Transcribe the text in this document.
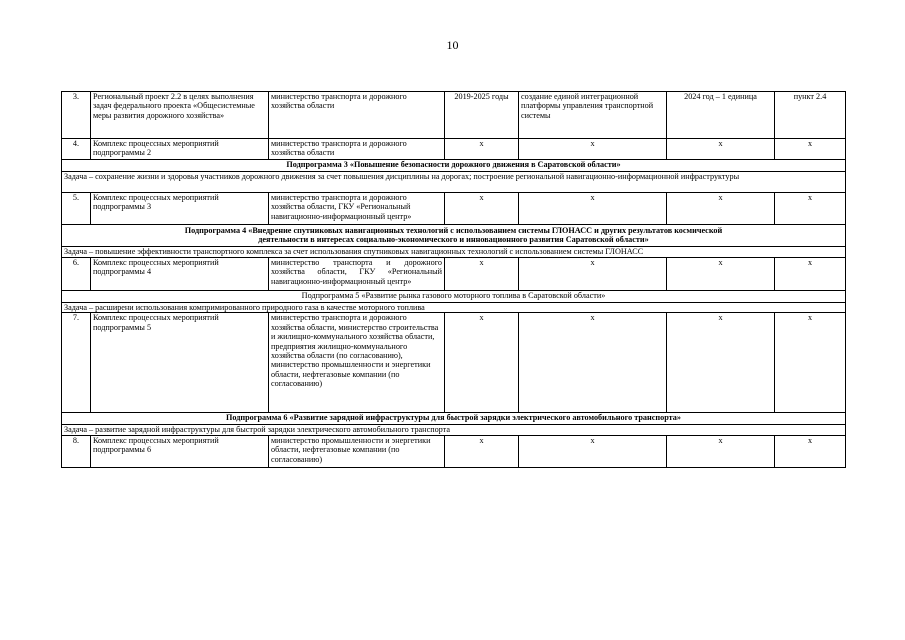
10
3.	Региональный проект 2.2 в целях выполнения задач федерального проекта «Общесистемные меры развития дорожного хозяйства»	министерство транспорта и дорожного хозяйства области	2019-2025 годы	создание единой интеграционной платформы управления транспортной системы	2024 год – 1 единица	пункт 2.4
4.	Комплекс процессных мероприятий подпрограммы 2	министерство транспорта и дорожного хозяйства области	х	х	х	х
Подпрограмма 3 «Повышение безопасности дорожного движения в Саратовской области»						
Задача – сохранение жизни и здоровья участников дорожного движения за счет повышения дисциплины на дорогах; построение региональной навигационно-информационной инфраструктуры						
5.	Комплекс процессных мероприятий подпрограммы 3	министерство транспорта и дорожного хозяйства области, ГКУ «Региональный навигационно-информационный центр»	х	х	х	х
Подпрограмма 4 «Внедрение спутниковых навигационных технологий с использованием системы ГЛОНАСС и других результатов космической деятельности в интересах социально-экономического и инновационного развития Саратовской области»						
Задача – повышение эффективности транспортного комплекса за счет использования спутниковых навигационных технологий с использованием системы ГЛОНАСС						
6.	Комплекс процессных мероприятий подпрограммы 4	министерство транспорта и дорожного хозяйства области, ГКУ «Региональный навигационно-информационный центр»	х	х	х	х
Подпрограмма 5 «Развитие рынка газового моторного топлива в Саратовской области»						
Задача – расширени использования компримированного природного газа в качестве моторного топлива						
7.	Комплекс процессных мероприятий подпрограммы 5	министерство транспорта и дорожного хозяйства области, министерство строительства и жилищно-коммунального хозяйства области, предприятия жилищно-коммунального хозяйства области (по согласованию), министерство промышленности и энергетики области, нефтегазовые компании (по согласованию)	х	х	х	х
Подпрограмма 6 «Развитие зарядной инфраструктуры для быстрой зарядки электрического автомобильного транспорта»						
Задача – развитие зарядной инфраструктуры для быстрой зарядки электрического автомобильного транспорта						
8.	Комплекс процессных мероприятий подпрограммы 6	министерство промышленности и энергетики области, нефтегазовые компании (по согласованию)	х	х	х	х
